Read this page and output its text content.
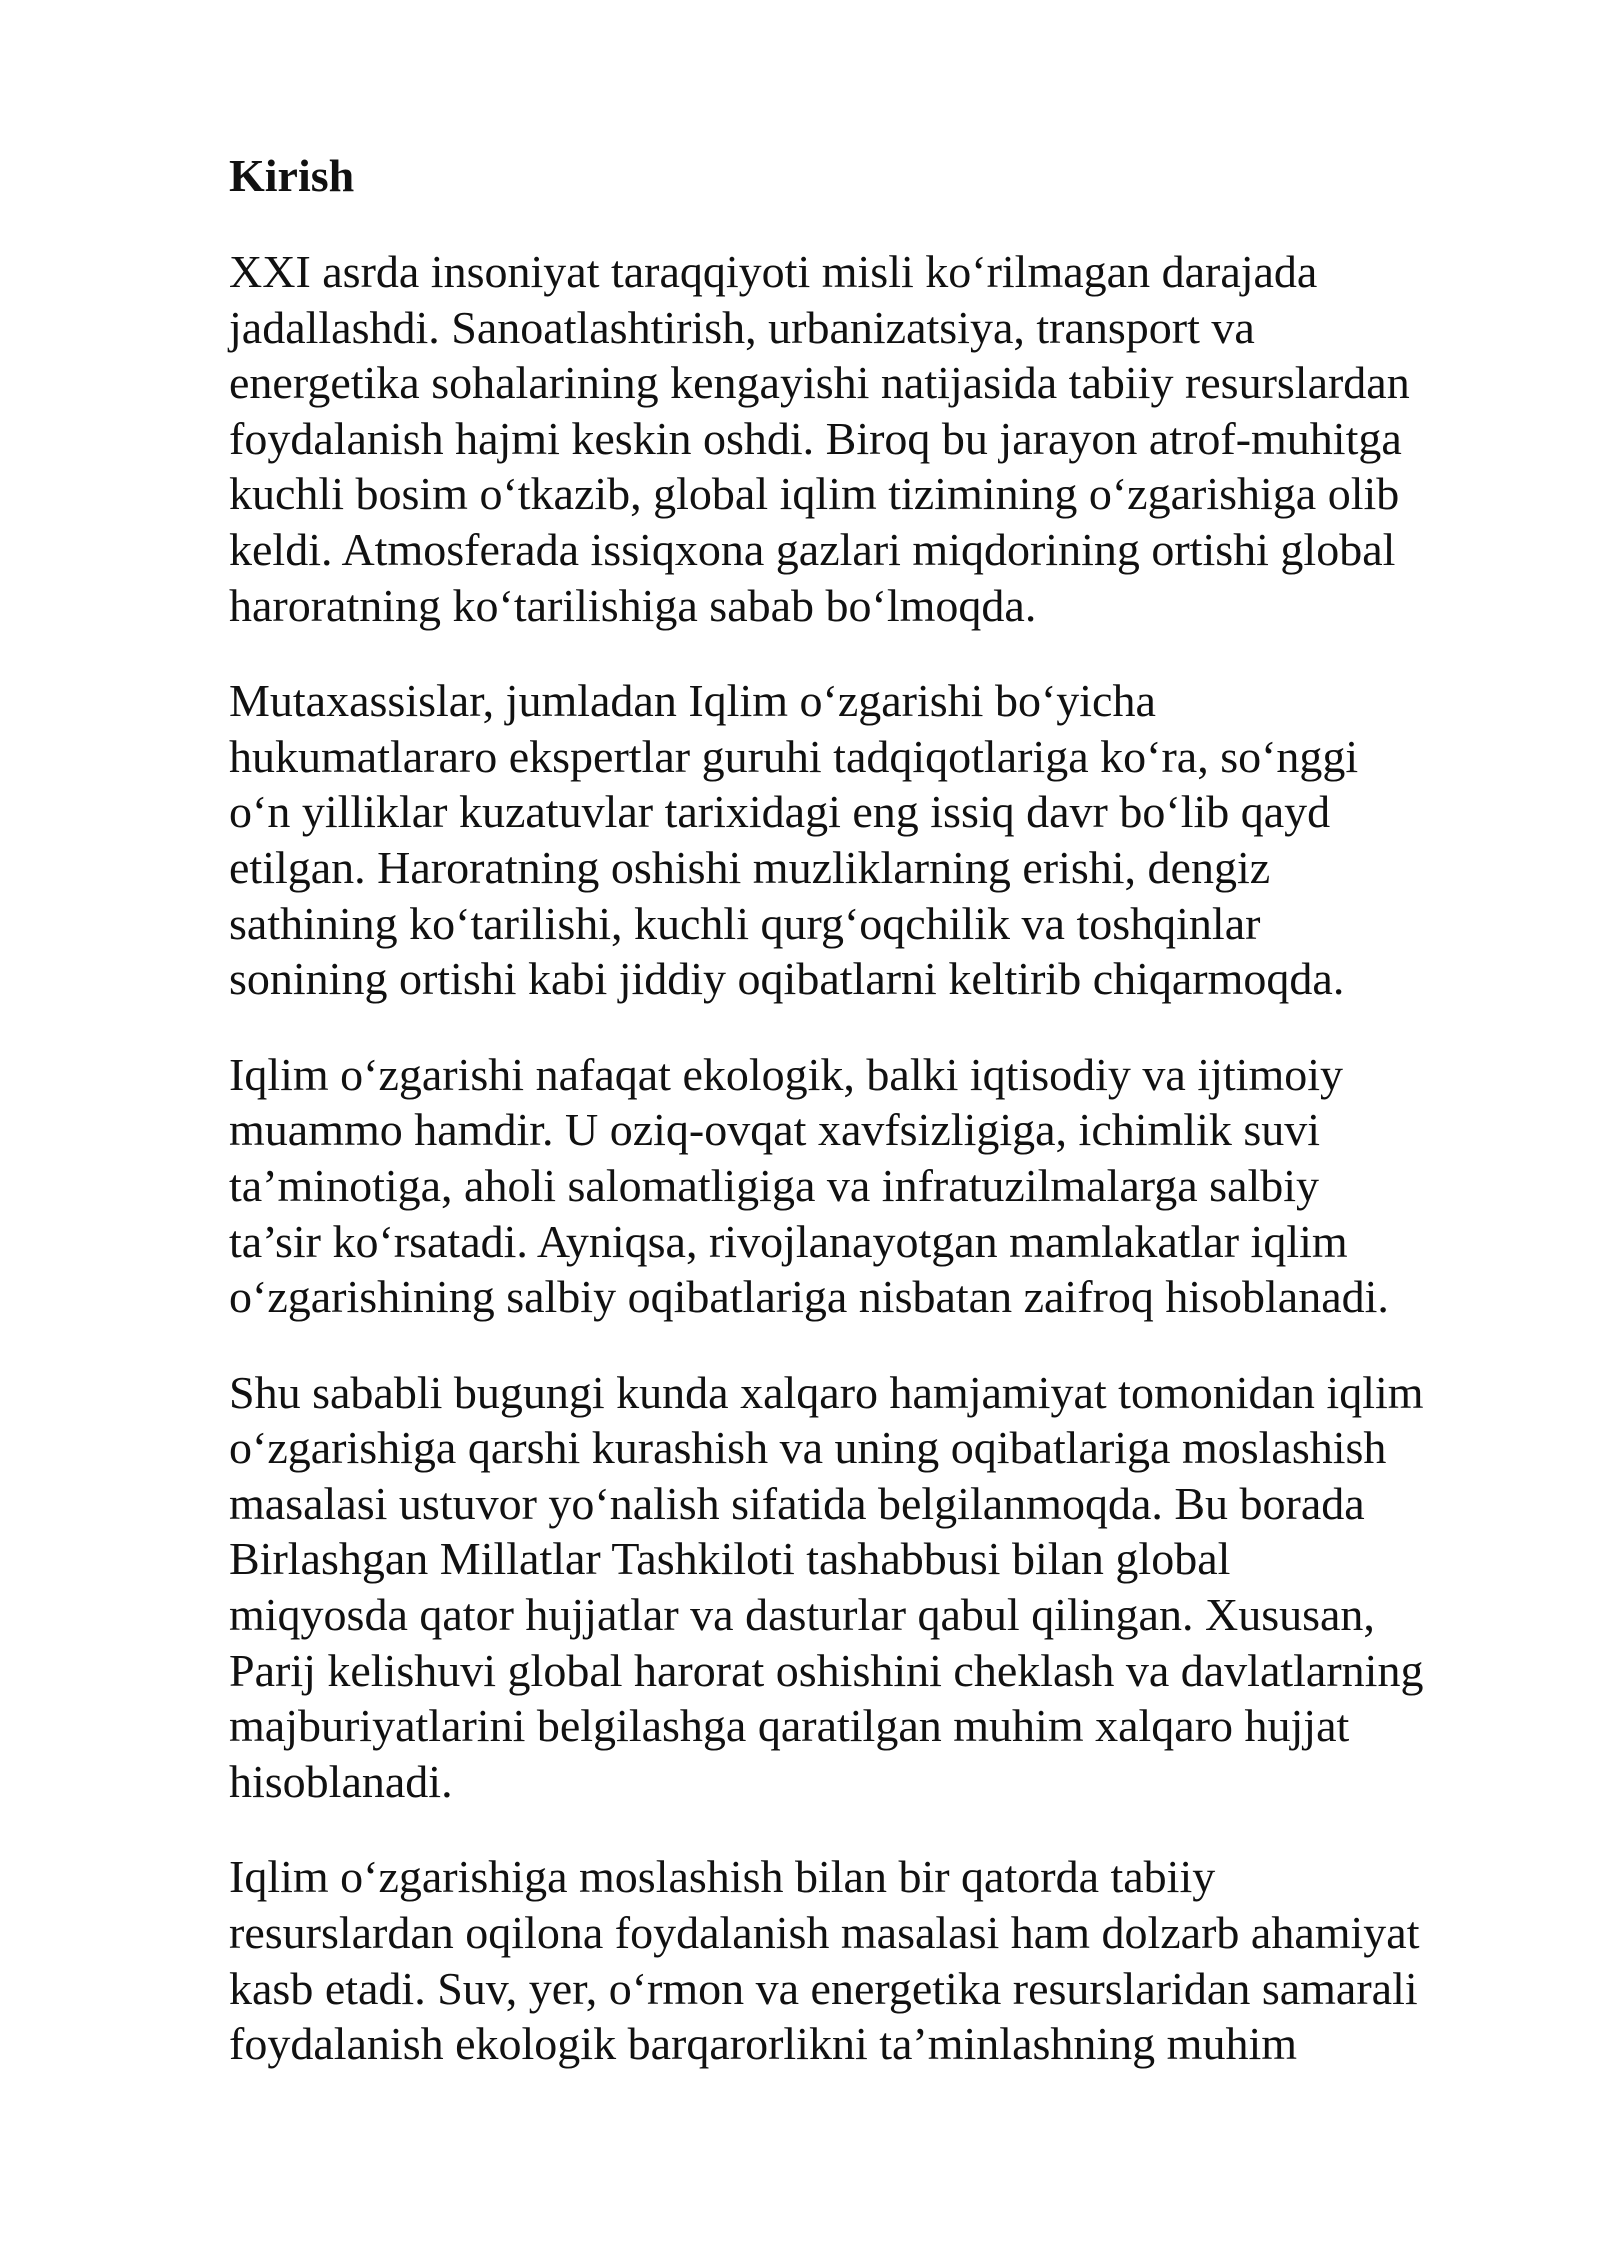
Kirish
XXI asrda insoniyat taraqqiyoti misli ko‘rilmagan darajada
jadallashdi. Sanoatlashtirish, urbanizatsiya, transport va
energetika sohalarining kengayishi natijasida tabiiy resurslardan
foydalanish hajmi keskin oshdi. Biroq bu jarayon atrof-muhitga
kuchli bosim o‘tkazib, global iqlim tizimining o‘zgarishiga olib
keldi. Atmosferada issiqxona gazlari miqdorining ortishi global
haroratning ko‘tarilishiga sabab bo‘lmoqda.
Mutaxassislar, jumladan Iqlim o‘zgarishi bo‘yicha
hukumatlararo ekspertlar guruhi tadqiqotlariga ko‘ra, so‘nggi
o‘n yilliklar kuzatuvlar tarixidagi eng issiq davr bo‘lib qayd
etilgan. Haroratning oshishi muzliklarning erishi, dengiz
sathining ko‘tarilishi, kuchli qurg‘oqchilik va toshqinlar
sonining ortishi kabi jiddiy oqibatlarni keltirib chiqarmoqda.
Iqlim o‘zgarishi nafaqat ekologik, balki iqtisodiy va ijtimoiy
muammo hamdir. U oziq-ovqat xavfsizligiga, ichimlik suvi
ta’minotiga, aholi salomatligiga va infratuzilmalarga salbiy
ta’sir ko‘rsatadi. Ayniqsa, rivojlanayotgan mamlakatlar iqlim
o‘zgarishining salbiy oqibatlariga nisbatan zaifroq hisoblanadi.
Shu sababli bugungi kunda xalqaro hamjamiyat tomonidan iqlim
o‘zgarishiga qarshi kurashish va uning oqibatlariga moslashish
masalasi ustuvor yo‘nalish sifatida belgilanmoqda. Bu borada
Birlashgan Millatlar Tashkiloti tashabbusi bilan global
miqyosda qator hujjatlar va dasturlar qabul qilingan. Xususan,
Parij kelishuvi global harorat oshishini cheklash va davlatlarning
majburiyatlarini belgilashga qaratilgan muhim xalqaro hujjat
hisoblanadi.
Iqlim o‘zgarishiga moslashish bilan bir qatorda tabiiy
resurslardan oqilona foydalanish masalasi ham dolzarb ahamiyat
kasb etadi. Suv, yer, o‘rmon va energetika resurslaridan samarali
foydalanish ekologik barqarorlikni ta’minlashning muhim
